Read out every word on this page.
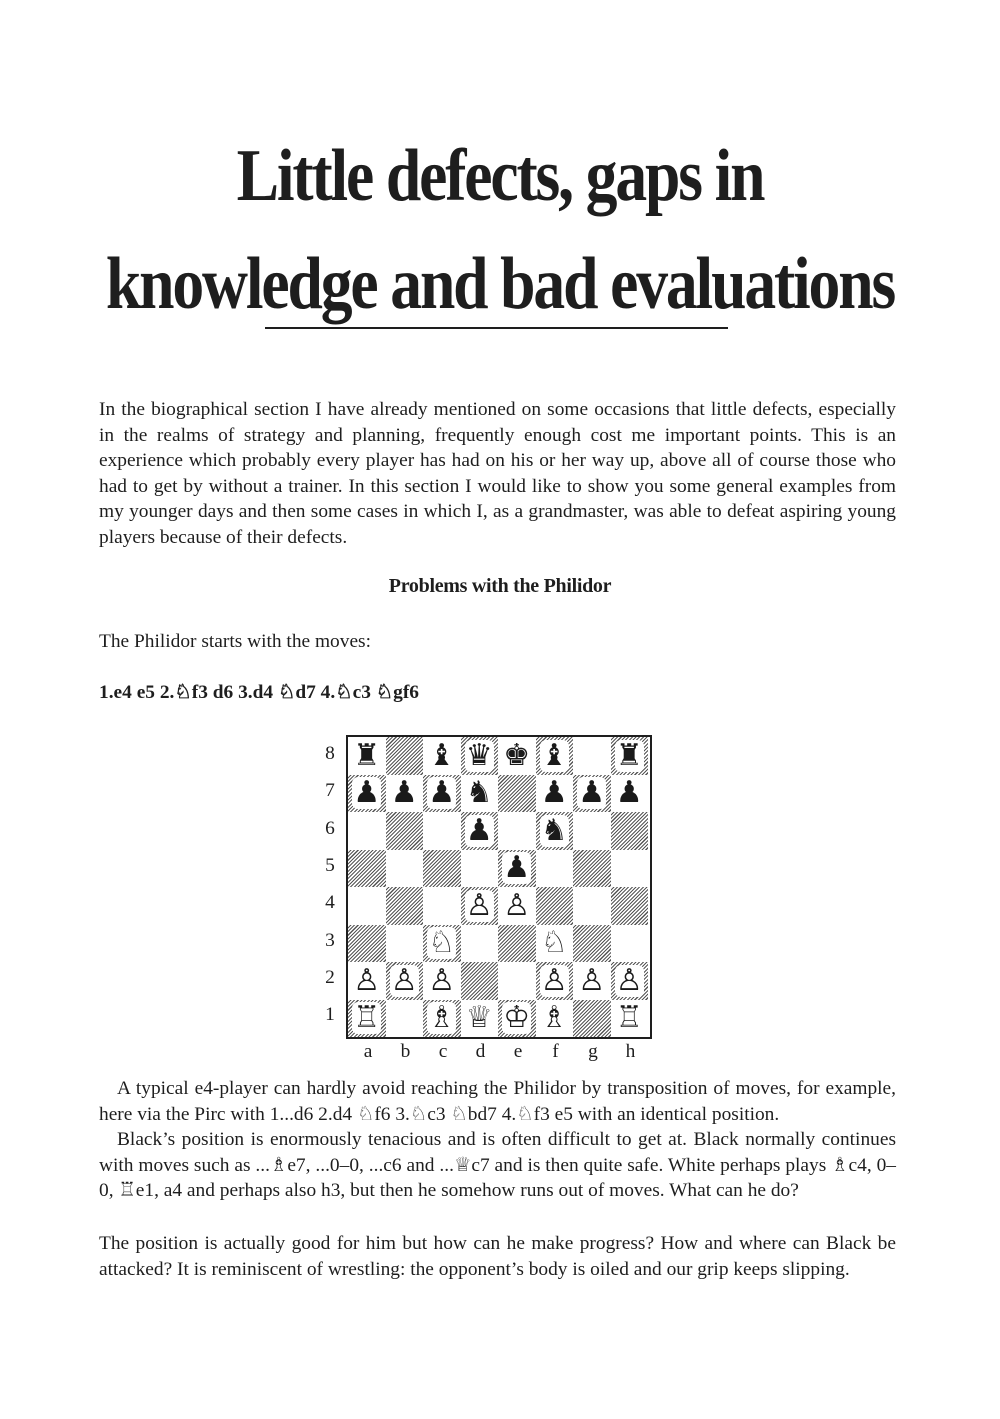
Little defects, gaps in
knowledge and bad evaluations

In the biographical section I have already mentioned on some occasions that little defects, especially in the realms of strategy and planning, frequently enough cost me important points. This is an experience which probably every player has had on his or her way up, above all of course those who had to get by without a trainer. In this section I would like to show you some general examples from my younger days and then some cases in which I, as a grandmaster, was able to defeat aspiring young players because of their defects.

Problems with the Philidor

The Philidor starts with the moves:

1.e4 e5 2.♘f3 d6 3.d4 ♘d7 4.♘c3 ♘gf6

♜ ♝ ♛ ♚ ♝ ♜
♟ ♟ ♟ ♞ ♟ ♟ ♟
♟ ♞
♟
♙ ♙
♘	♘
♙ ♙ ♙	♙ ♙ ♙
♖ ♗ ♕ ♔ ♗ ♖
8
7
6
5
4
3
2
1
a b c d e	f	g h

A typical e4-player can hardly avoid reaching the Philidor by transposition of moves, for example, here via the Pirc with 1...d6 2.d4 ♘f6 3.♘c3 ♘bd7 4.♘f3 e5 with an identical position.

Black’s position is enormously tenacious and is often difficult to get at. Black normally continues with moves such as ...♗e7, ...0–0, ...c6 and ...♕c7 and is then quite safe. White perhaps plays ♗c4, 0–0, ♖e1, a4 and perhaps also h3, but then he somehow runs out of moves. What can he do?

The position is actually good for him but how can he make progress? How and where can Black be attacked? It is reminiscent of wrestling: the opponent’s body is oiled and our grip keeps slipping.
